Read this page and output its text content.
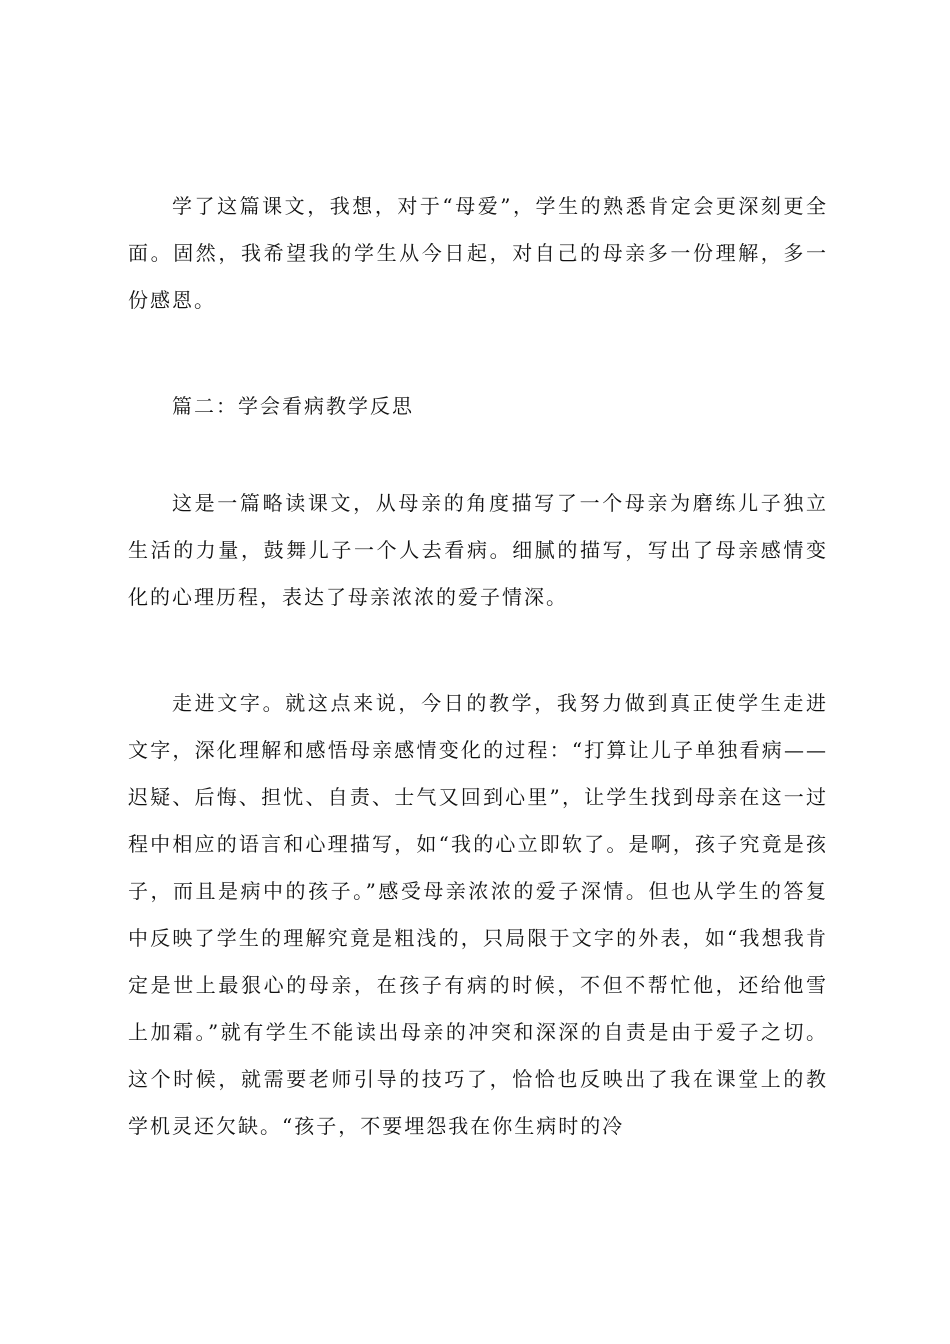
学了这篇课文，我想，对于“母爱”，学生的熟悉肯定会更深刻更全面。固然，我希望我的学生从今日起，对自己的母亲多一份理解，多一份感恩。

篇二：学会看病教学反思

这是一篇略读课文，从母亲的角度描写了一个母亲为磨练儿子独立生活的力量，鼓舞儿子一个人去看病。细腻的描写，写出了母亲感情变化的心理历程，表达了母亲浓浓的爱子情深。

走进文字。就这点来说，今日的教学，我努力做到真正使学生走进文字，深化理解和感悟母亲感情变化的过程：“打算让儿子单独看病——迟疑、后悔、担忧、自责、士气又回到心里”，让学生找到母亲在这一过程中相应的语言和心理描写，如“我的心立即软了。是啊，孩子究竟是孩子，而且是病中的孩子。”感受母亲浓浓的爱子深情。但也从学生的答复中反映了学生的理解究竟是粗浅的，只局限于文字的外表，如“我想我肯定是世上最狠心的母亲，在孩子有病的时候，不但不帮忙他，还给他雪上加霜。”就有学生不能读出母亲的冲突和深深的自责是由于爱子之切。这个时候，就需要老师引导的技巧了，恰恰也反映出了我在课堂上的教学机灵还欠缺。“孩子，不要埋怨我在你生病时的冷
